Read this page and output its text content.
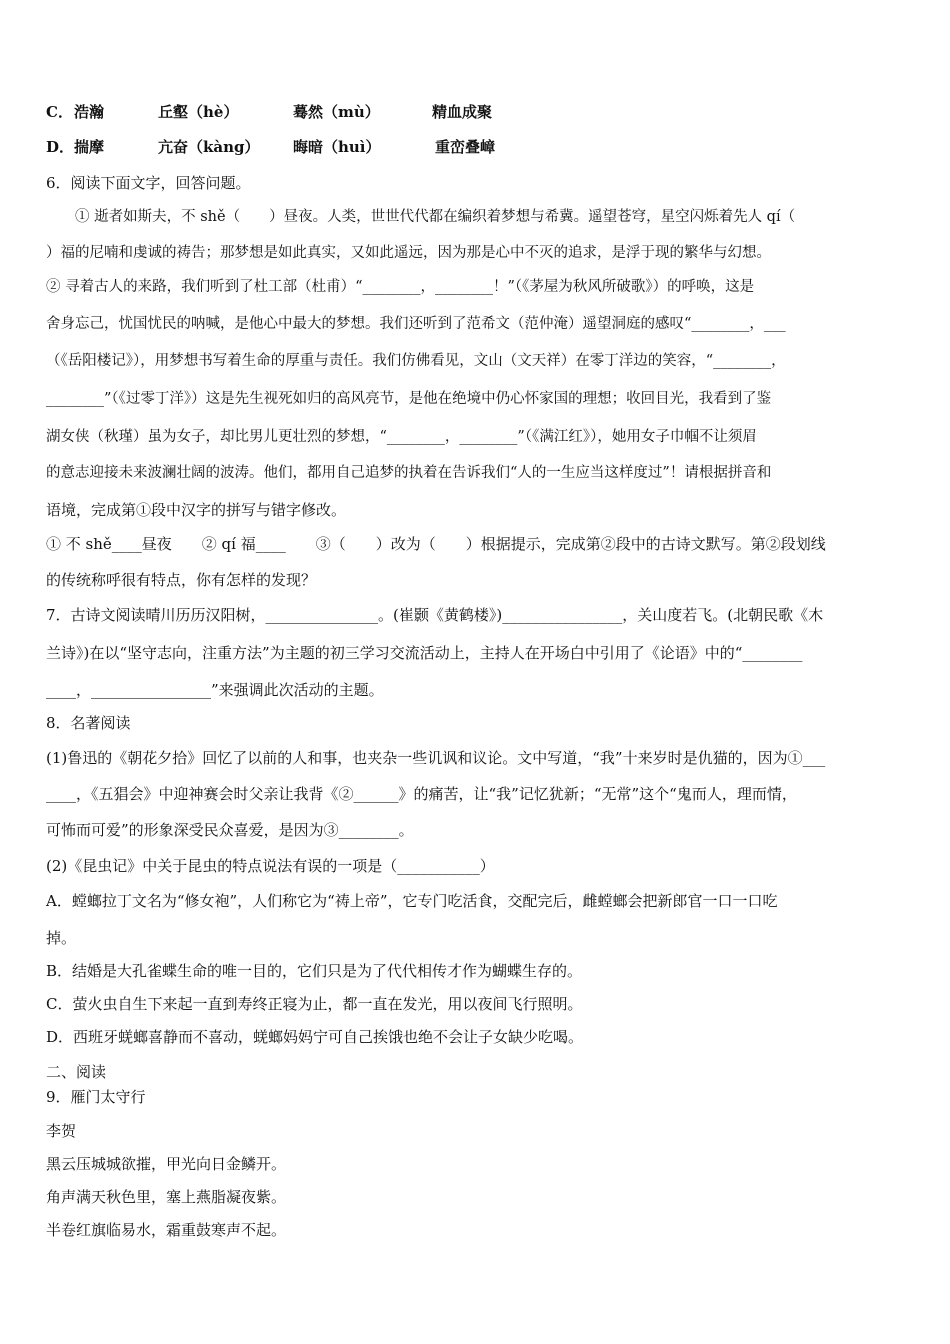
C． 浩瀚	丘壑（hè）	蓦然（mù）	精血成聚
D． 揣摩	亢奋（kàng） 晦暗（huì）	重峦叠嶂
6．阅读下面文字，回答问题。
　　① 逝者如斯夫，不 shě（　　）昼夜。人类，世世代代都在编织着梦想与希冀。遥望苍穹，星空闪烁着先人 qí（
）福的尼喃和虔诚的祷告；那梦想是如此真实，又如此遥远，因为那是心中不灭的追求，是浮于现的繁华与幻想。
② 寻着古人的来路，我们听到了杜工部（杜甫）“________，________！”（《茅屋为秋风所破歌》）的呼唤，这是
舍身忘己，忧国忧民的呐喊，是他心中最大的梦想。我们还听到了范希文（范仲淹）遥望洞庭的感叹“________，___
（《岳阳楼记》），用梦想书写着生命的厚重与责任。我们仿佛看见，文山（文天祥）在零丁洋边的笑容，“________，
________”（《过零丁洋》）这是先生视死如归的高风亮节，是他在绝境中仍心怀家国的理想；收回目光，我看到了鉴
湖女侠（秋瑾）虽为女子，却比男儿更壮烈的梦想，“________，________”（《满江红》），她用女子巾帼不让须眉
的意志迎接未来波澜壮阔的波涛。他们，都用自己追梦的执着在告诉我们“人的一生应当这样度过”！请根据拼音和
语境，完成第①段中汉字的拼写与错字修改。
① 不 shě____昼夜　　② qí 福____　　③（　　）改为（　　）根据提示，完成第②段中的古诗文默写。第②段划线
的传统称呼很有特点，你有怎样的发现？
7．古诗文阅读晴川历历汉阳树，_______________。(崔颢《黄鹤楼》)________________，关山度若飞。(北朝民歌《木
兰诗》)在以“坚守志向，注重方法”为主题的初三学习交流活动上，主持人在开场白中引用了《论语》中的“________
____，________________”来强调此次活动的主题。
8．名著阅读
(1)鲁迅的《朝花夕拾》回忆了以前的人和事，也夹杂一些讥讽和议论。文中写道，“我”十来岁时是仇猫的，因为①___
____，《五猖会》中迎神赛会时父亲让我背《②______》的痛苦，让“我”记忆犹新；“无常”这个“鬼而人，理而情，
可怖而可爱”的形象深受民众喜爱，是因为③________。
(2)《昆虫记》中关于昆虫的特点说法有误的一项是（___________）
A．螳螂拉丁文名为“修女袍”，人们称它为“祷上帝”，它专门吃活食，交配完后，雌螳螂会把新郎官一口一口吃
掉。
B．结婚是大孔雀蝶生命的唯一目的，它们只是为了代代相传才作为蝴蝶生存的。
C．萤火虫自生下来起一直到寿终正寝为止，都一直在发光，用以夜间飞行照明。
D．西班牙蜣螂喜静而不喜动，蜣螂妈妈宁可自己挨饿也绝不会让子女缺少吃喝。
二、阅读
9．雁门太守行
李贺
黑云压城城欲摧，甲光向日金鳞开。
角声满天秋色里，塞上燕脂凝夜紫。
半卷红旗临易水，霜重鼓寒声不起。
